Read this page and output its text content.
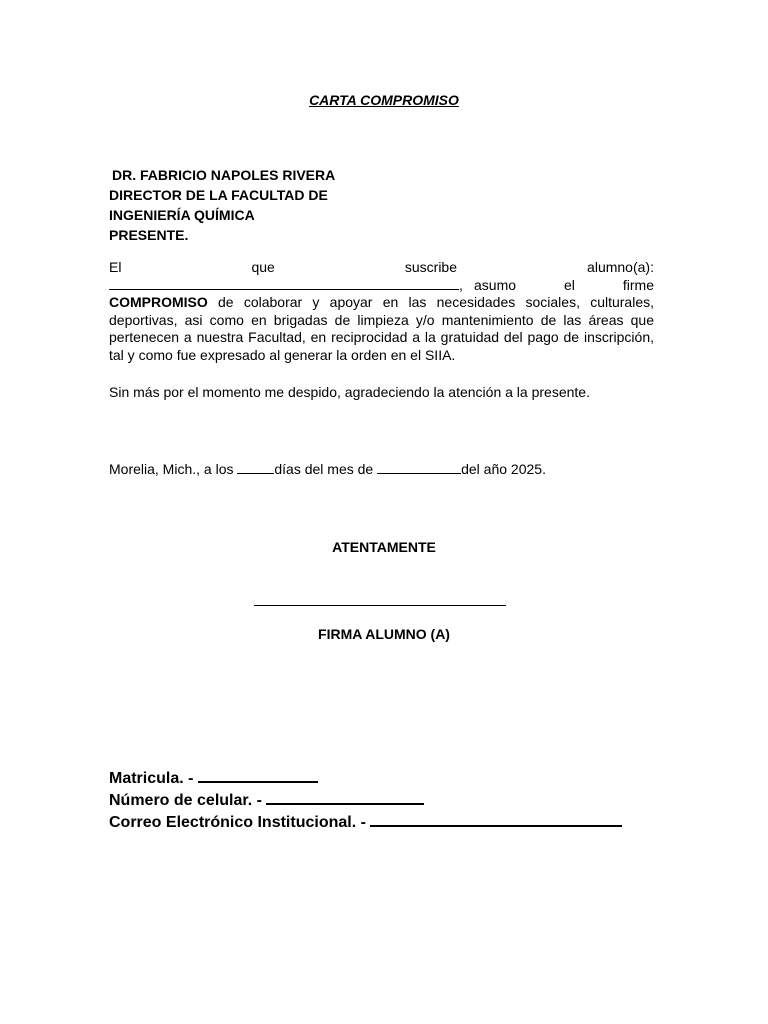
CARTA COMPROMISO
DR. FABRICIO NAPOLES RIVERA
DIRECTOR DE LA FACULTAD DE
INGENIERÍA QUÍMICA
PRESENTE.
El	que	suscribe	alumno(a):
, asumo	el	firme
COMPROMISO de colaborar y apoyar en las necesidades sociales, culturales, deportivas, asi como en brigadas de limpieza y/o mantenimiento de las áreas que pertenecen a nuestra Facultad, en reciprocidad a la gratuidad del pago de inscripción, tal y como fue expresado al generar la orden en el SIIA.
Sin más por el momento me despido, agradeciendo la atención a la presente.
Morelia, Mich., a los	días del mes de	del año 2025.
ATENTAMENTE
FIRMA ALUMNO (A)
Matricula. -
Número de celular. -
Correo Electrónico Institucional. -
